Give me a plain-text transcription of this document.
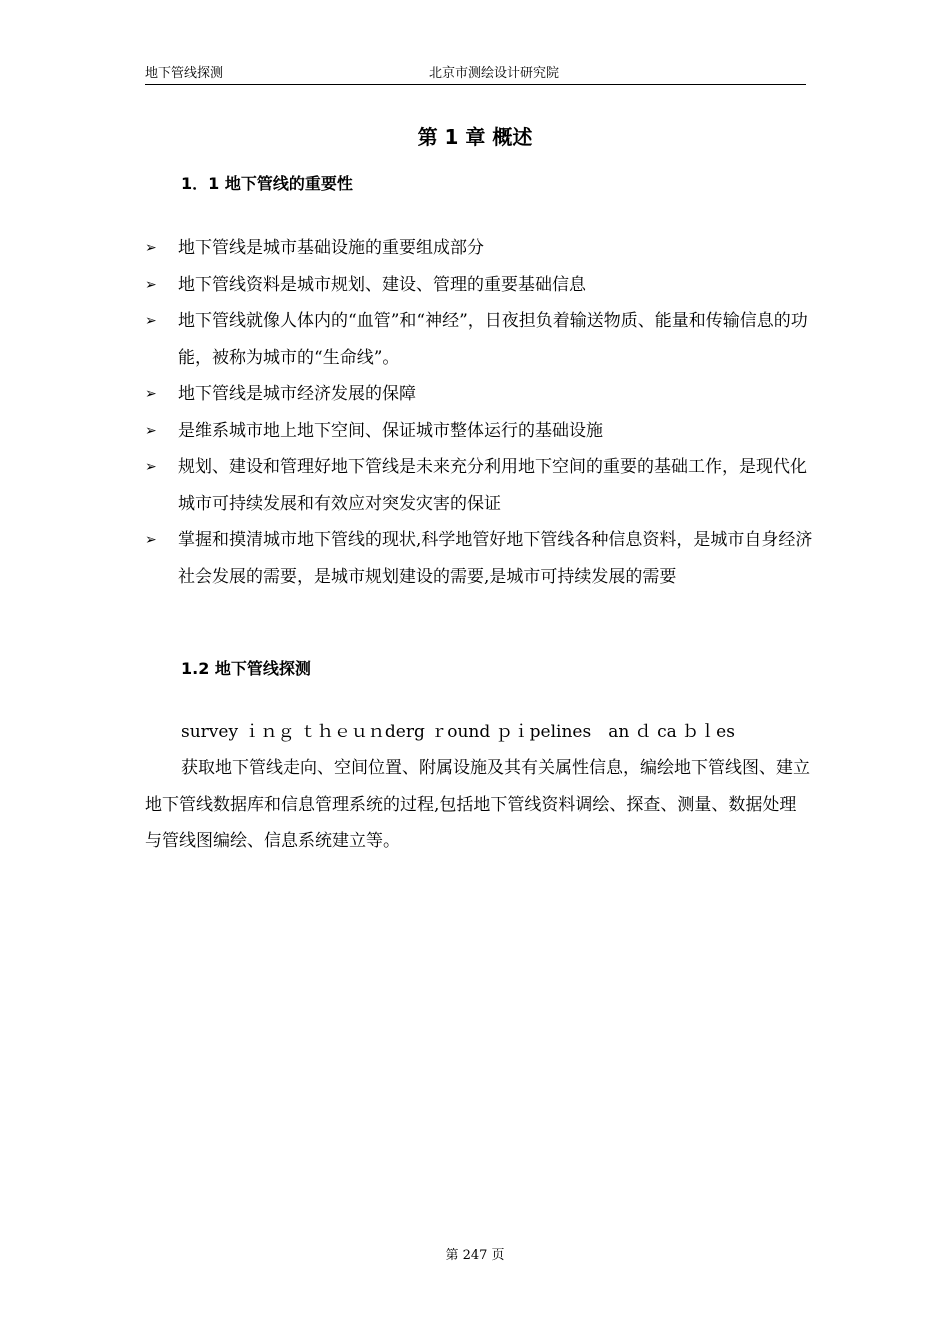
地下管线探测	北京市测绘设计研究院
第 1 章 概述
1．1 地下管线的重要性
➢	地下管线是城市基础设施的重要组成部分
➢	地下管线资料是城市规划、建设、管理的重要基础信息
➢	地下管线就像人体内的“血管”和“神经”，日夜担负着输送物质、能量和传输信息的功能，被称为城市的“生命线”。
➢	地下管线是城市经济发展的保障
➢	是维系城市地上地下空间、保证城市整体运行的基础设施
➢	规划、建设和管理好地下管线是未来充分利用地下空间的重要的基础工作，是现代化城市可持续发展和有效应对突发灾害的保证
➢	掌握和摸清城市地下管线的现状,科学地管好地下管线各种信息资料，是城市自身经济社会发展的需要，是城市规划建设的需要,是城市可持续发展的需要
1.2 地下管线探测
survey ｉｎｇ ｔｈｅｕｎderg ｒound ｐｉpelines　an ｄ ca ｂｌes

获取地下管线走向、空间位置、附属设施及其有关属性信息，编绘地下管线图、建立地下管线数据库和信息管理系统的过程,包括地下管线资料调绘、探查、测量、数据处理与管线图编绘、信息系统建立等。

第 247 页
